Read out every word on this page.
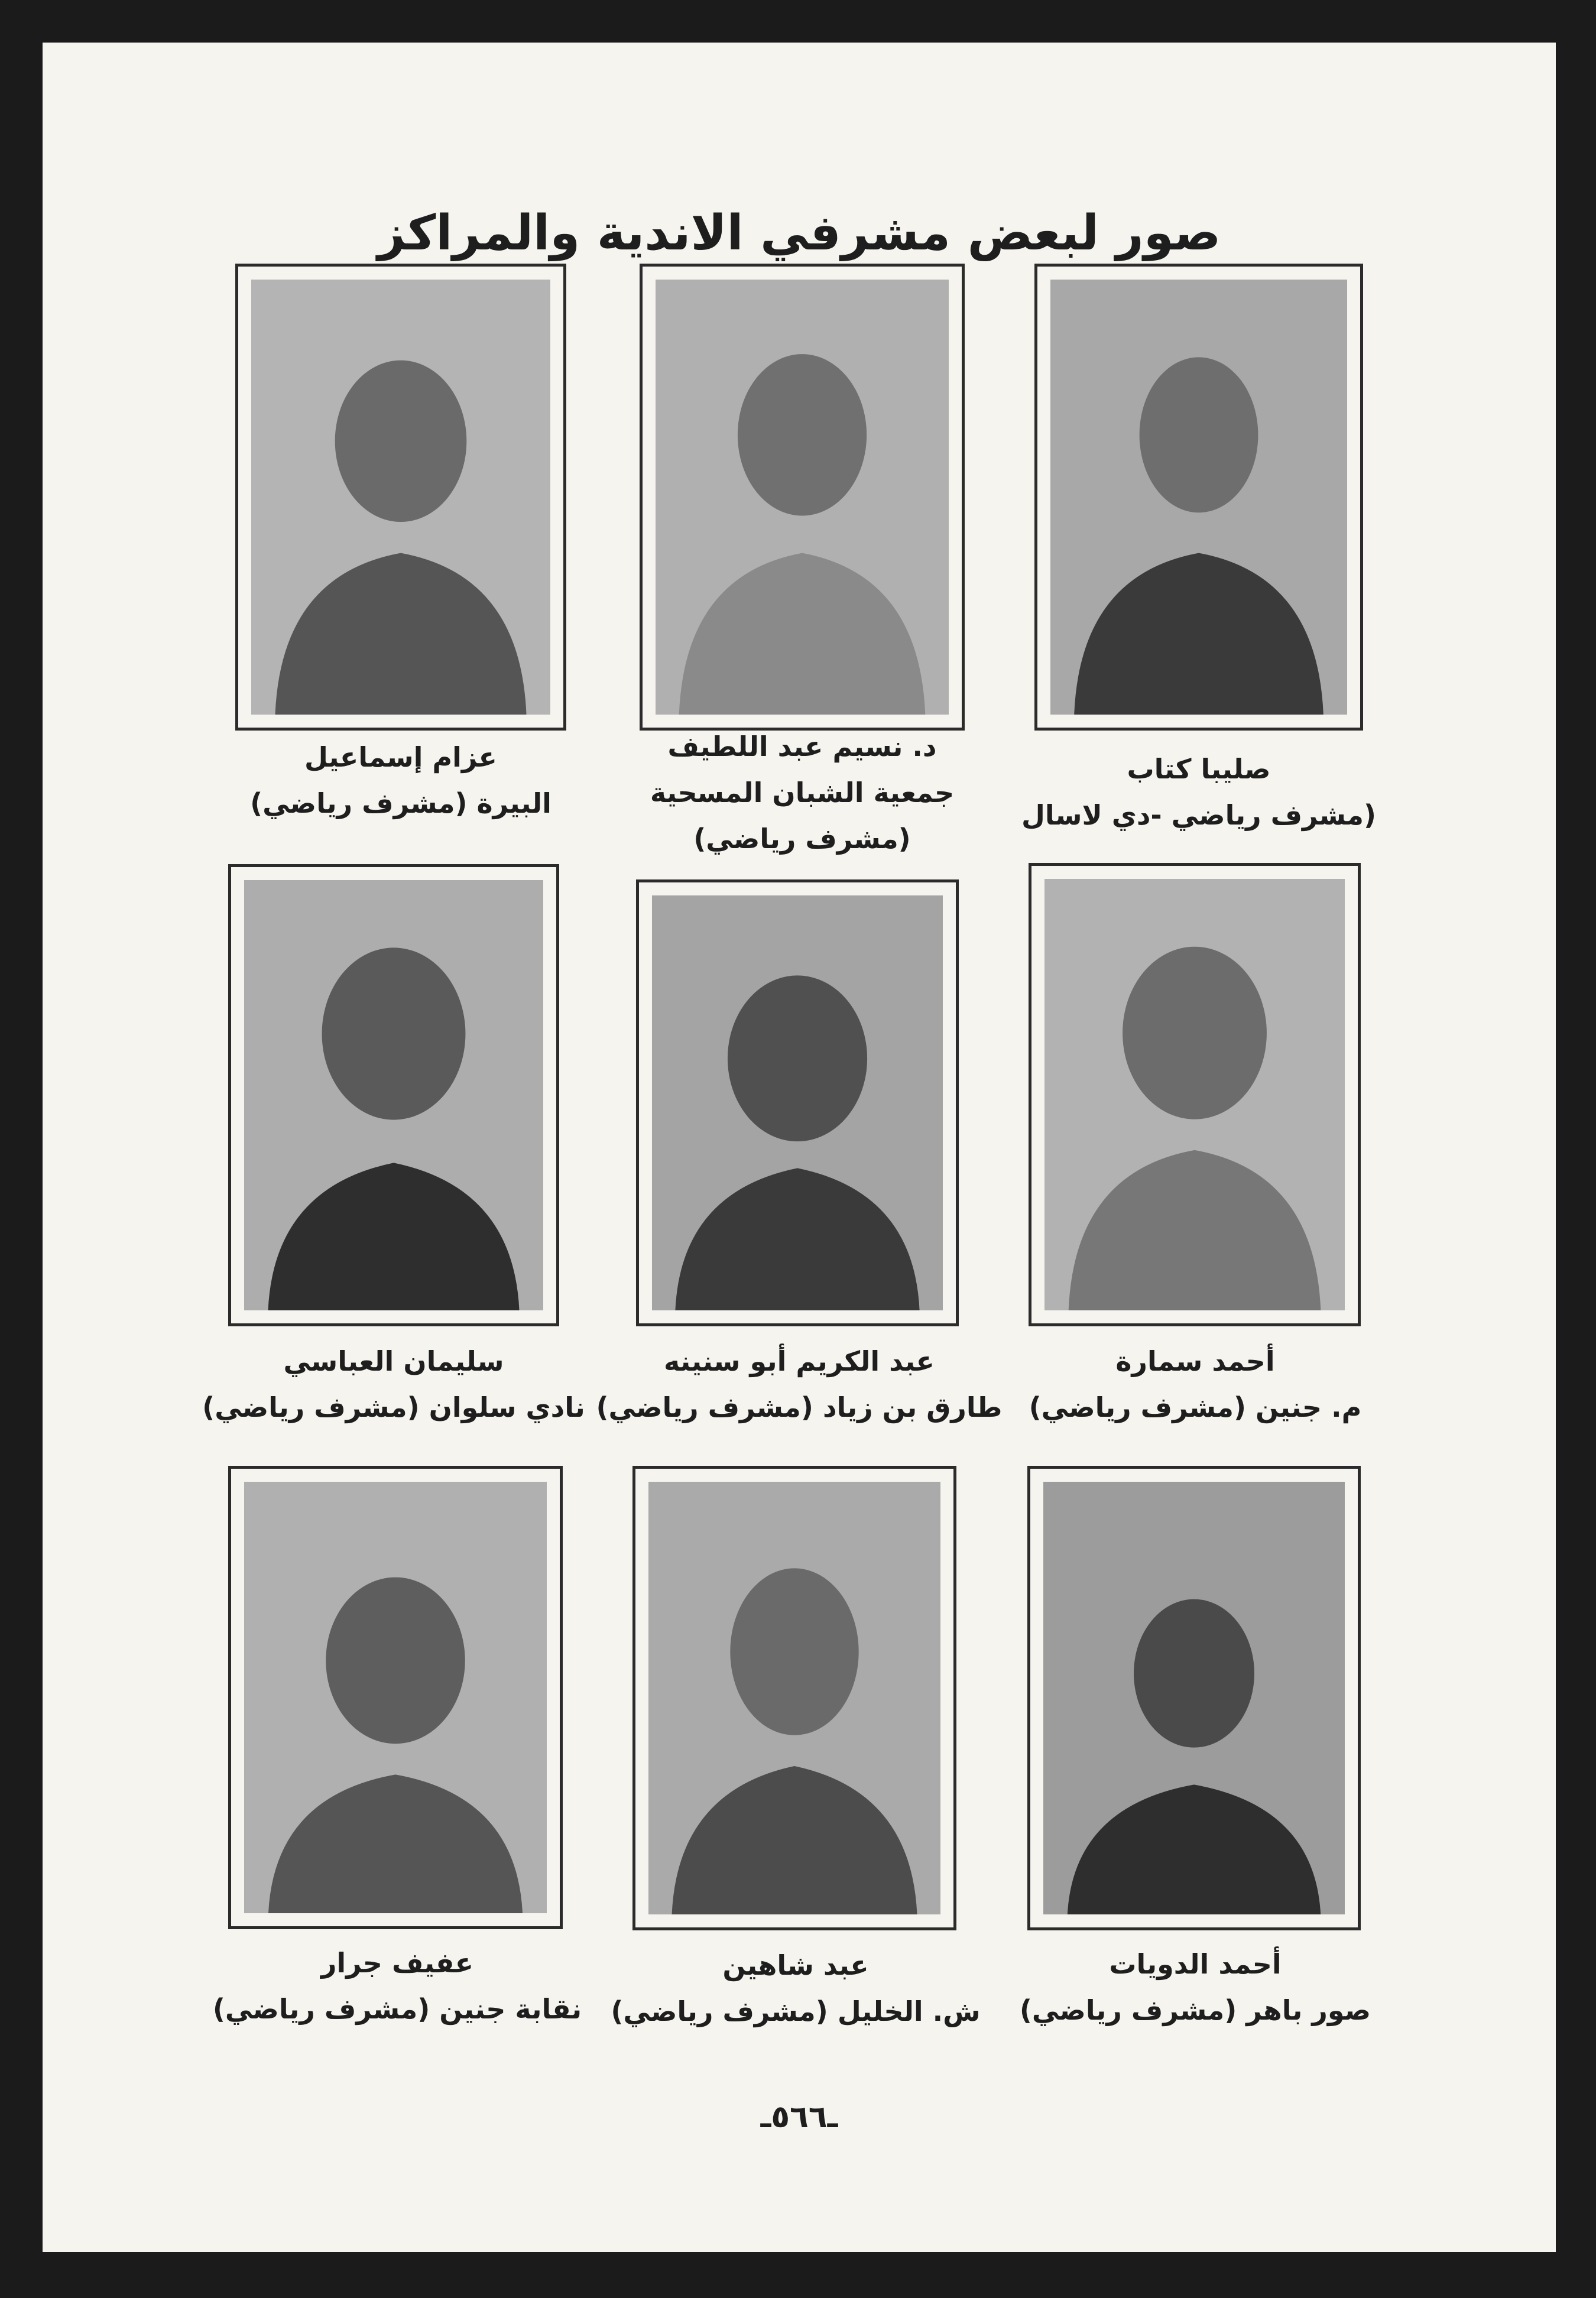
صور لبعض مشرفي الاندية والمراكز
صليبا كتاب
(مشرف رياضي -دي لاسال
د. نسيم عبد اللطيف
جمعية الشبان المسحية
(مشرف رياضي)
عزام إسماعيل
البيرة (مشرف رياضي)
أحمد سمارة
م. جنين (مشرف رياضي)
عبد الكريم أبو سنينه
طارق بن زياد (مشرف رياضي)
سليمان العباسي
نادي سلوان (مشرف رياضي)
أحمد الدويات
صور باهر (مشرف رياضي)
عبد شاهين
ش. الخليل (مشرف رياضي)
عفيف جرار
نقابة جنين (مشرف رياضي)
ـ٥٦٦ـ
